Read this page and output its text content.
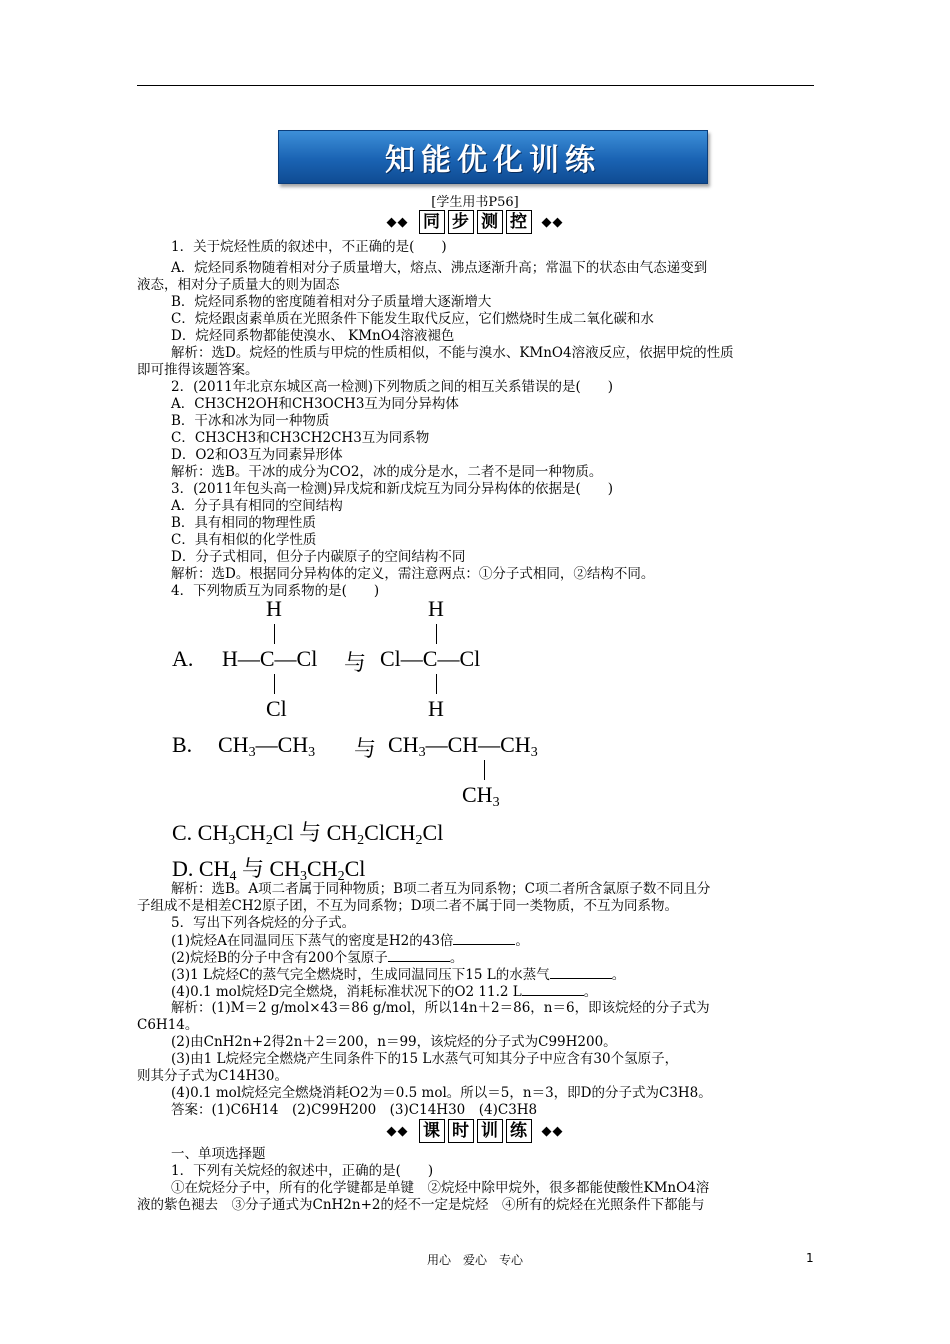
知能优化训练
[学生用书P56]
◆◆ 同 步 测 控	◆◆
1．关于烷烃性质的叙述中，不正确的是(　　)
A．烷烃同系物随着相对分子质量增大，熔点、沸点逐渐升高；常温下的状态由气态递变到
液态，相对分子质量大的则为固态
B．烷烃同系物的密度随着相对分子质量增大逐渐增大
C．烷烃跟卤素单质在光照条件下能发生取代反应，它们燃烧时生成二氧化碳和水
D．烷烃同系物都能使溴水、 KMnO4溶液褪色
解析：选D。烷烃的性质与甲烷的性质相似，不能与溴水、KMnO4溶液反应，依据甲烷的性质
即可推得该题答案。
2．(2011年北京东城区高一检测)下列物质之间的相互关系错误的是(　　)
A．CH3CH2OH和CH3OCH3互为同分异构体
B．干冰和冰为同一种物质
C．CH3CH3和CH3CH2CH3互为同系物
D．O2和O3互为同素异形体
解析：选B。干冰的成分为CO2，冰的成分是水，二者不是同一种物质。
3．(2011年包头高一检测)异戊烷和新戊烷互为同分异构体的依据是(　　)
A．分子具有相同的空间结构
B．具有相同的物理性质
C．具有相似的化学性质
D．分子式相同，但分子内碳原子的空间结构不同
解析：选D。根据同分异构体的定义，需注意两点：①分子式相同，②结构不同。
4．下列物质互为同系物的是(　　)
A.
H
H—C—Cl
Cl
与
H
Cl—C—Cl
H
B. CH3—CH3 与 CH3—CH—CH3
CH3
C. CH3CH2Cl 与 CH2ClCH2Cl
D. CH4 与 CH3CH2Cl
解析：选B。A项二者属于同种物质；B项二者互为同系物；C项二者所含氯原子数不同且分
子组成不是相差CH2原子团，不互为同系物；D项二者不属于同一类物质，不互为同系物。
5．写出下列各烷烃的分子式。
(1)烷烃A在同温同压下蒸气的密度是H2的43倍	。
(2)烷烃B的分子中含有200个氢原子	。
(3)1 L烷烃C的蒸气完全燃烧时，生成同温同压下15 L的水蒸气	。
(4)0.1 mol烷烃D完全燃烧，消耗标准状况下的O2 11.2 L	。
解析：(1)M＝2 g/mol×43＝86 g/mol，所以14n＋2＝86，n＝6，即该烷烃的分子式为
C6H14。
(2)由CnH2n+2得2n＋2＝200，n＝99，该烷烃的分子式为C99H200。
(3)由1 L烷烃完全燃烧产生同条件下的15 L水蒸气可知其分子中应含有30个氢原子，
则其分子式为C14H30。
(4)0.1 mol烷烃完全燃烧消耗O2为＝0.5 mol。所以＝5，n＝3，即D的分子式为C3H8。
答案：(1)C6H14　(2)C99H200　(3)C14H30　(4)C3H8
◆◆ 课 时 训 练	◆◆
一、单项选择题
1．下列有关烷烃的叙述中，正确的是(　　)
①在烷烃分子中，所有的化学键都是单键　②烷烃中除甲烷外，很多都能使酸性KMnO4溶
液的紫色褪去　③分子通式为CnH2n+2的烃不一定是烷烃　④所有的烷烃在光照条件下都能与
用心　爱心　专心	1
